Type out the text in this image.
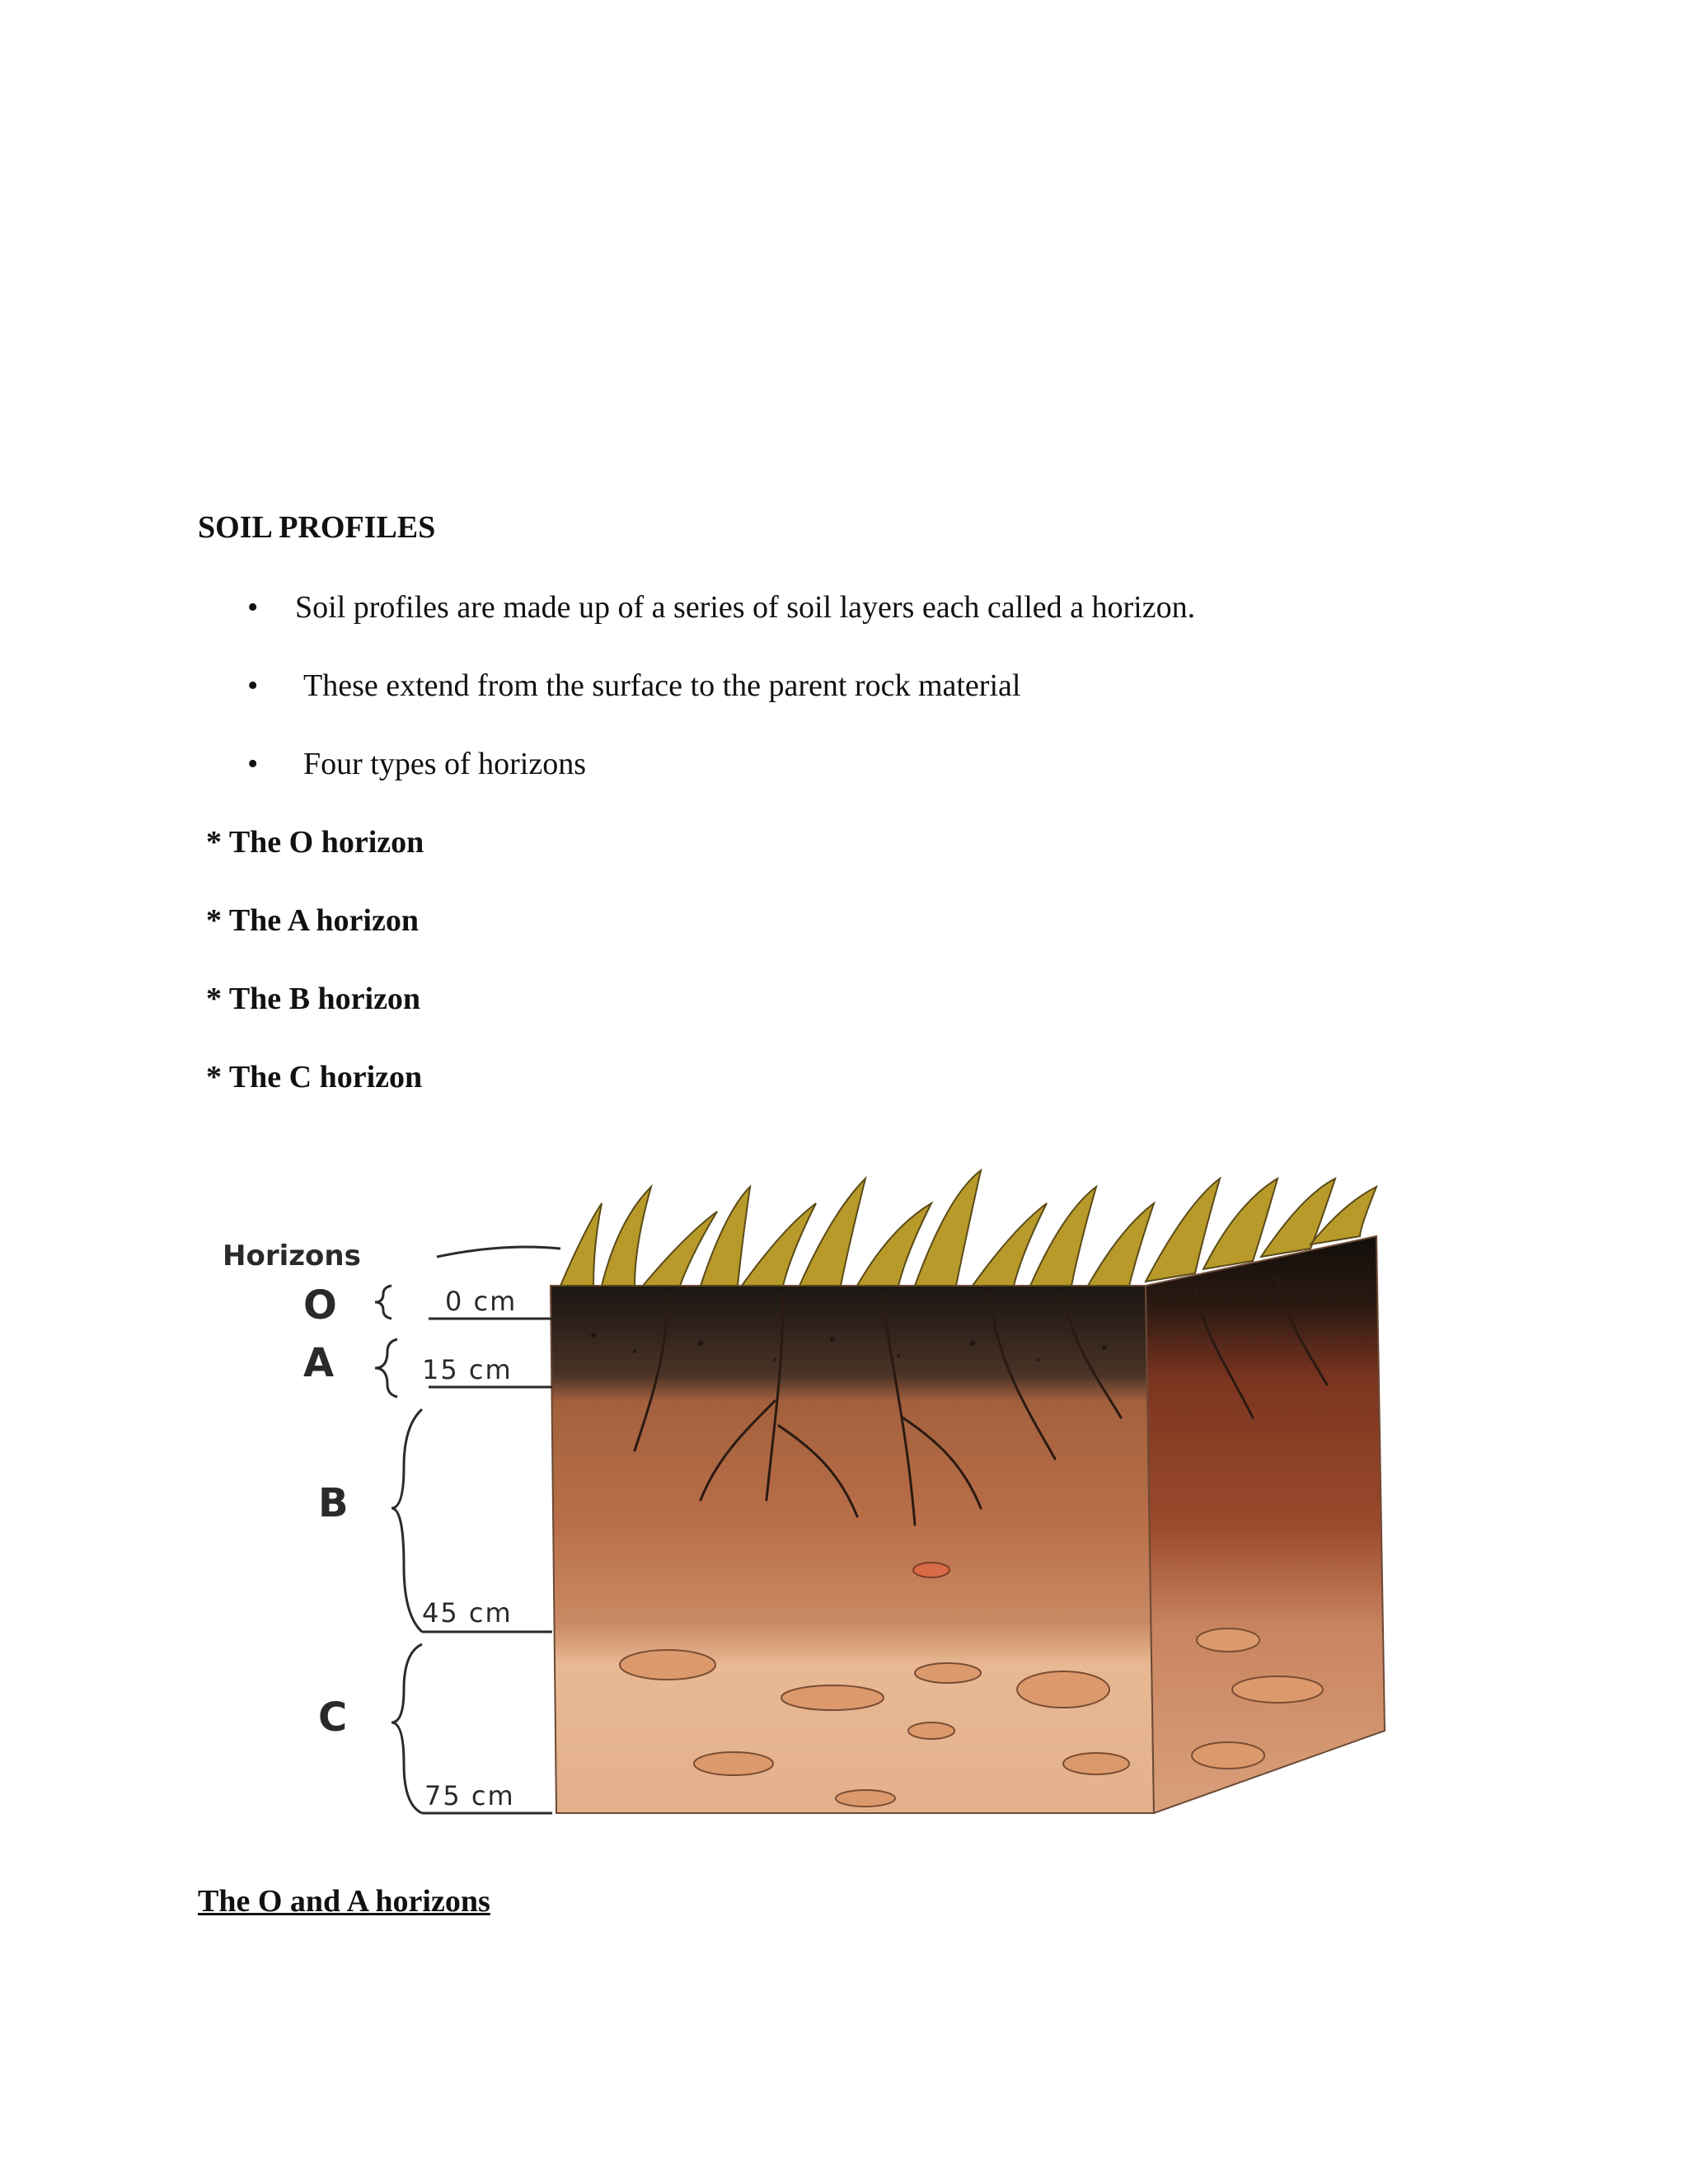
SOIL PROFILES
• Soil profiles are made up of a series of soil layers each called a horizon.
• These extend from the surface to the parent rock material
• Four types of horizons
* The O horizon
* The A horizon
* The B horizon
* The C horizon
Horizons
O
A
B
C
0 cm
15 cm
45 cm
75 cm
The O and A horizons
